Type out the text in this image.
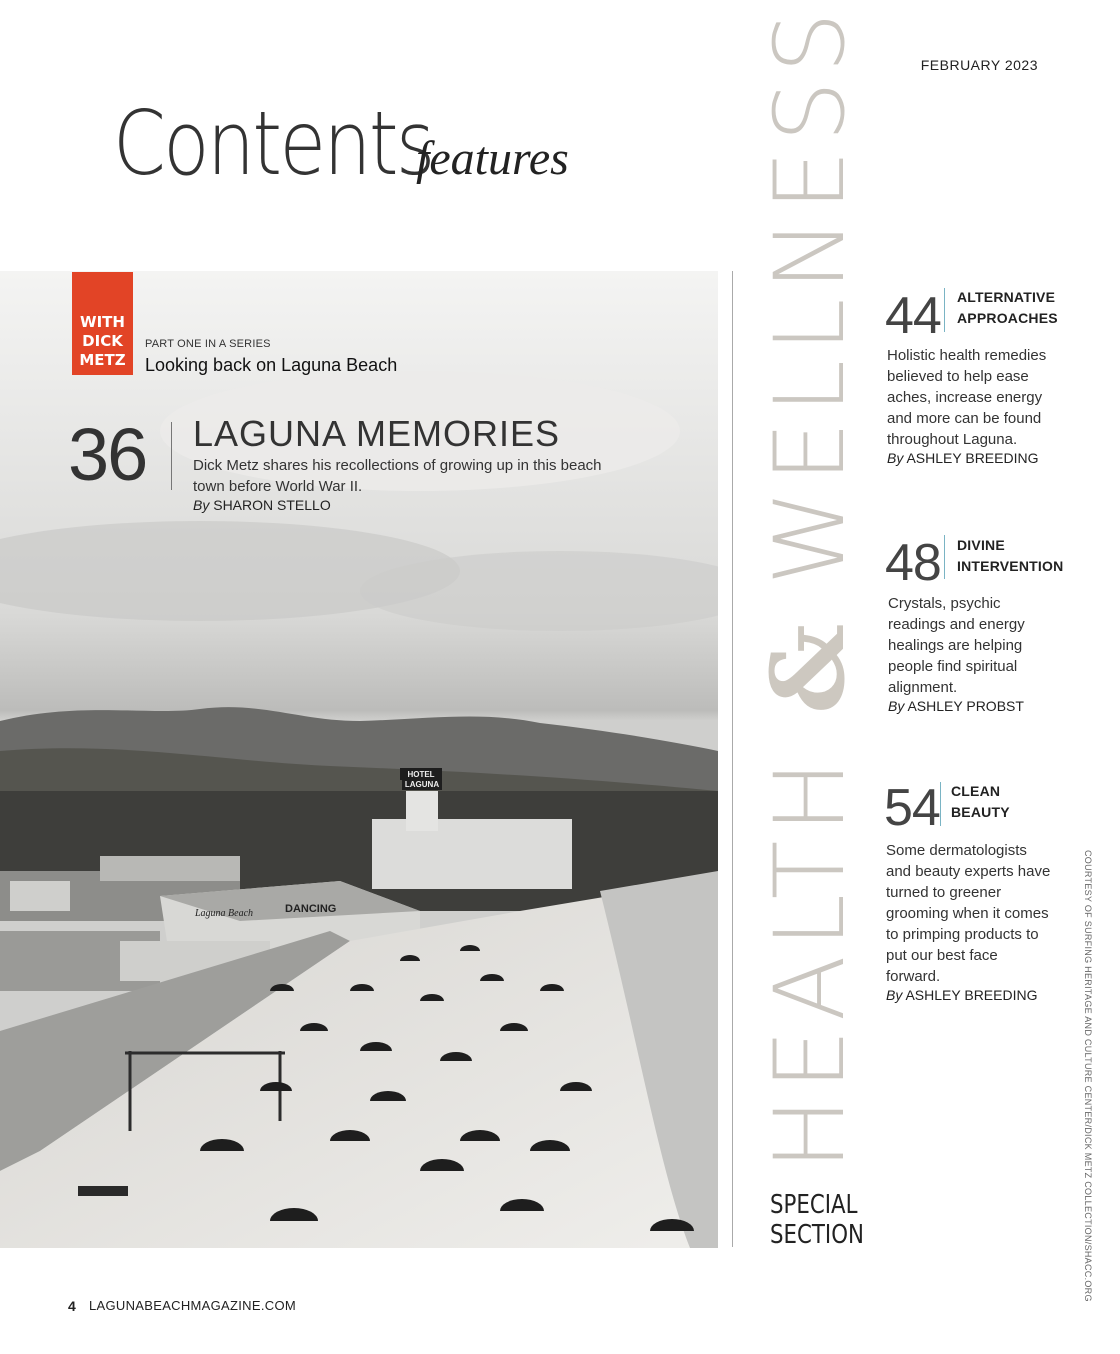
FEBRUARY 2023
Contents
features
HOTEL
LAGUNA
Laguna Beach	DANCING
WITH
DICK
METZ
PART ONE IN A SERIES
Looking back on Laguna Beach
36 LAGUNA MEMORIES
Dick Metz shares his recollections of growing up in this beach town before World War II.
By SHARON STELLO
HEALTH & WELLNESS
SPECIAL
SECTION
44 ALTERNATIVE
APPROACHES
Holistic health remedies believed to help ease aches, increase energy and more can be found throughout Laguna.
By ASHLEY BREEDING
48 DIVINE
INTERVENTION
Crystals, psychic readings and energy healings are helping people find spiritual alignment.
By ASHLEY PROBST
54 CLEAN
BEAUTY
Some dermatologists and beauty experts have turned to greener grooming when it comes to primping products to put our best face forward.
By ASHLEY BREEDING	COURTESY OF SURFING HERITAGE AND CULTURE CENTER/DICK METZ COLLECTION/SHACC.ORG
4 LAGUNABEACHMAGAZINE.COM
